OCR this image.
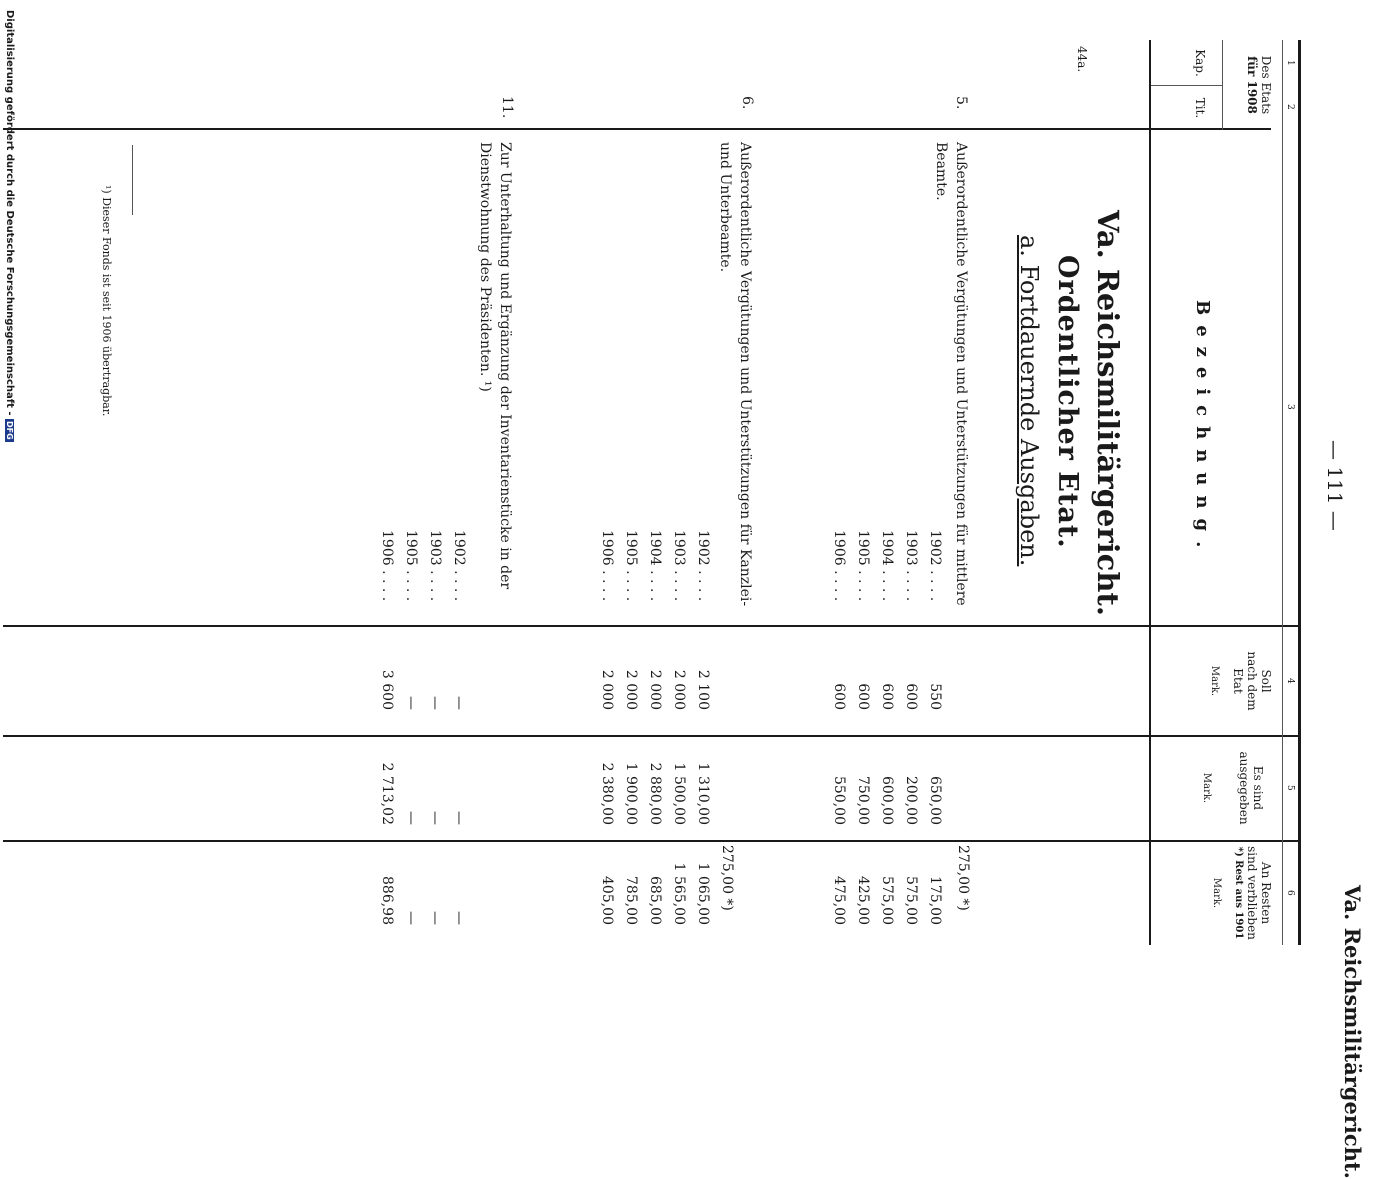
Va. Reichsmilitärgericht.
— 111 —
1
2
3
4
5
6
Des Etats
für 1908
Kap.
Tit.
Bezeichnung.
Soll
nach dem
Etat
Mark.
Es sind
ausgegeben
Mark.
An Resten
sind verblieben
*) Rest aus 1901
Mark.
44a.
Va. Reichsmilitärgericht.
Ordentlicher Etat.
a. Fortdauernde Ausgaben.
5.
Außerordentliche Vergütungen und Unterstützungen für mittlere Beamte.
275,00 *)
1902 . . . .
550
650,00
175,00
1903 . . . .
600
200,00
575,00
1904 . . . .
600
600,00
575,00
1905 . . . .
600
750,00
425,00
1906 . . . .
600
550,00
475,00
6.
Außerordentliche Vergütungen und Unterstützungen für Kanzlei- und Unterbeamte.
275,00 *)
1902 . . . .
2 100
1 310,00
1 065,00
1903 . . . .
2 000
1 500,00
1 565,00
1904 . . . .
2 000
2 880,00
685,00
1905 . . . .
2 000
1 900,00
785,00
1906 . . . .
2 000
2 380,00
405,00
11.
Zur Unterhaltung und Ergänzung der Inventarienstücke in der Dienstwohnung des Präsidenten. ¹)
1902 . . . .
—
—
—
1903 . . . .
—
—
—
1905 . . . .
—
—
—
1906 . . . .
3 600
2 713,02
886,98
¹) Dieser Fonds ist seit 1906 übertragbar.
Digitalisierung gefördert durch die Deutsche Forschungsgemeinschaft - DFG
